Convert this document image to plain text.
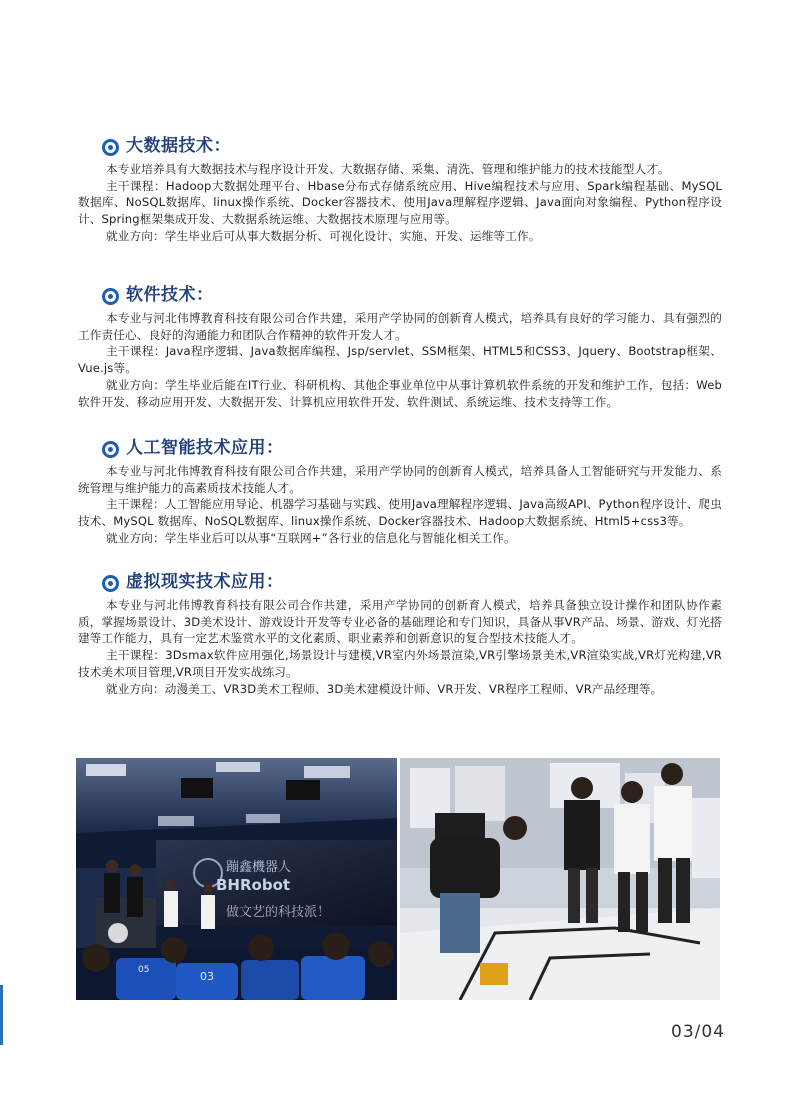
大数据技术：

本专业培养具有大数据技术与程序设计开发、大数据存储、采集、清洗、管理和维护能力的技术技能型人才。

主干课程：Hadoop大数据处理平台、Hbase分布式存储系统应用、Hive编程技术与应用、Spark编程基础、MySQL数据库、NoSQL数据库、linux操作系统、Docker容器技术、使用Java理解程序逻辑、Java面向对象编程、Python程序设计、Spring框架集成开发、大数据系统运维、大数据技术原理与应用等。

就业方向：学生毕业后可从事大数据分析、可视化设计、实施、开发、运维等工作。

软件技术：

本专业与河北伟博教育科技有限公司合作共建，采用产学协同的创新育人模式，培养具有良好的学习能力、具有强烈的工作责任心、良好的沟通能力和团队合作精神的软件开发人才。

主干课程：Java程序逻辑、Java数据库编程、Jsp/servlet、SSM框架、HTML5和CSS3、Jquery、Bootstrap框架、Vue.js等。

就业方向：学生毕业后能在IT行业、科研机构、其他企事业单位中从事计算机软件系统的开发和维护工作，包括：Web软件开发、移动应用开发、大数据开发、计算机应用软件开发、软件测试、系统运维、技术支持等工作。

人工智能技术应用：

本专业与河北伟博教育科技有限公司合作共建，采用产学协同的创新育人模式，培养具备人工智能研究与开发能力、系统管理与维护能力的高素质技术技能人才。

主干课程：人工智能应用导论、机器学习基础与实践、使用Java理解程序逻辑、Java高级API、Python程序设计、爬虫技术、MySQL 数据库、NoSQL数据库、linux操作系统、Docker容器技术、Hadoop大数据系统、Html5+css3等。

就业方向：学生毕业后可以从事“互联网+”各行业的信息化与智能化相关工作。

虚拟现实技术应用：

本专业与河北伟博教育科技有限公司合作共建，采用产学协同的创新育人模式，培养具备独立设计操作和团队协作素质，掌握场景设计、3D美术设计、游戏设计开发等专业必备的基础理论和专门知识，具备从事VR产品、场景、游戏、灯光搭建等工作能力，具有一定艺术鉴赏水平的文化素质、职业素养和创新意识的复合型技术技能人才。

主干课程：3Dsmax软件应用强化,场景设计与建模,VR室内外场景渲染,VR引擎场景美术,VR渲染实战,VR灯光构建,VR技术美术项目管理,VR项目开发实战练习。

就业方向：动漫美工、VR3D美术工程师、3D美术建模设计师、VR开发、VR程序工程师、VR产品经理等。

蹦鑫機器人
BHRobot
做文艺的科技派！
05	03
03/04
